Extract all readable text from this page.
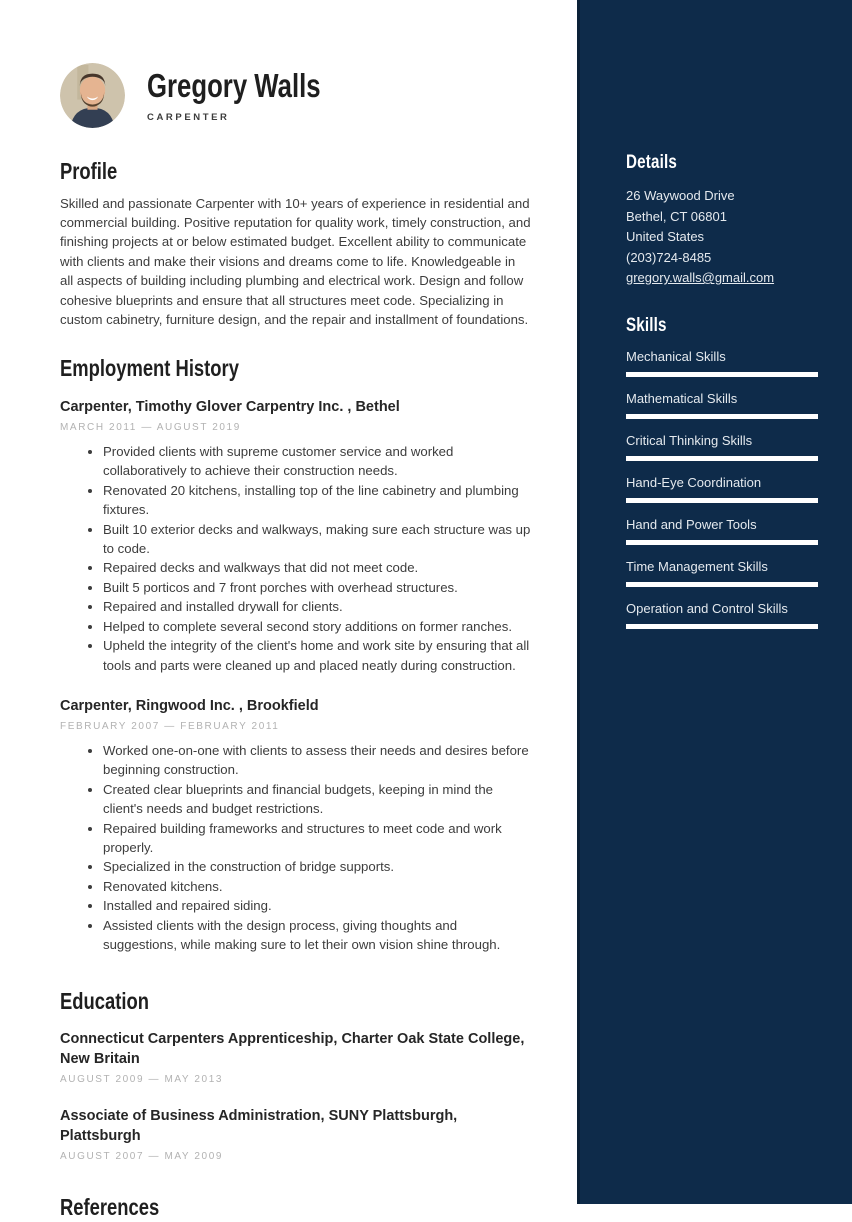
Gregory Walls
CARPENTER
Profile

Skilled and passionate Carpenter with 10+ years of experience in residential and commercial building. Positive reputation for quality work, timely construction, and finishing projects at or below estimated budget. Excellent ability to communicate with clients and make their visions and dreams come to life. Knowledgeable in all aspects of building including plumbing and electrical work. Design and follow cohesive blueprints and ensure that all structures meet code. Specializing in custom cabinetry, furniture design, and the repair and installment of foundations.

Employment History
Carpenter, Timothy Glover Carpentry Inc. , Bethel
MARCH 2011 — AUGUST 2019
• Provided clients with supreme customer service and worked collaboratively to achieve their construction needs.
• Renovated 20 kitchens, installing top of the line cabinetry and plumbing fixtures.
• Built 10 exterior decks and walkways, making sure each structure was up to code.
• Repaired decks and walkways that did not meet code.
• Built 5 porticos and 7 front porches with overhead structures.
• Repaired and installed drywall for clients.
• Helped to complete several second story additions on former ranches.
• Upheld the integrity of the client's home and work site by ensuring that all tools and parts were cleaned up and placed neatly during construction.
Carpenter, Ringwood Inc. , Brookfield
FEBRUARY 2007 — FEBRUARY 2011
• Worked one-on-one with clients to assess their needs and desires before beginning construction.
• Created clear blueprints and financial budgets, keeping in mind the client's needs and budget restrictions.
• Repaired building frameworks and structures to meet code and work properly.
• Specialized in the construction of bridge supports.
• Renovated kitchens.
• Installed and repaired siding.
• Assisted clients with the design process, giving thoughts and suggestions, while making sure to let their own vision shine through.
Education
Connecticut Carpenters Apprenticeship, Charter Oak State College, New Britain
AUGUST 2009 — MAY 2013
Associate of Business Administration, SUNY Plattsburgh, Plattsburgh
AUGUST 2007 — MAY 2009
References
Details
26 Waywood Drive
Bethel, CT 06801
United States
(203)724-8485
gregory.walls@gmail.com
Skills
Mechanical Skills
Mathematical Skills
Critical Thinking Skills
Hand-Eye Coordination
Hand and Power Tools
Time Management Skills
Operation and Control Skills
